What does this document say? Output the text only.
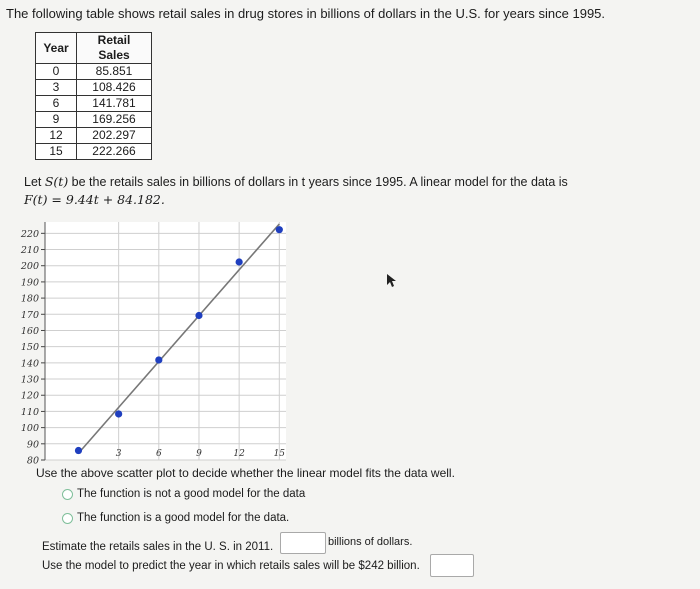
The following table shows retail sales in drug stores in billions of dollars in the U.S. for years since 1995.
Year	Retail Sales
0	85.851
3	108.426
6	141.781
9	169.256
12	202.297
15	222.266
Let S(t) be the retails sales in billions of dollars in t years since 1995. A linear model for the data is
F(t) = 9.44t + 84.182.
80
90
100
110
120
130
140
150
160
170
180
190
200
210
220
3	6	9	12	15
Use the above scatter plot to decide whether the linear model fits the data well.
The function is not a good model for the data
The function is a good model for the data.
Estimate the retails sales in the U. S. in 2011.	billions of dollars.
Use the model to predict the year in which retails sales will be $242 billion.
